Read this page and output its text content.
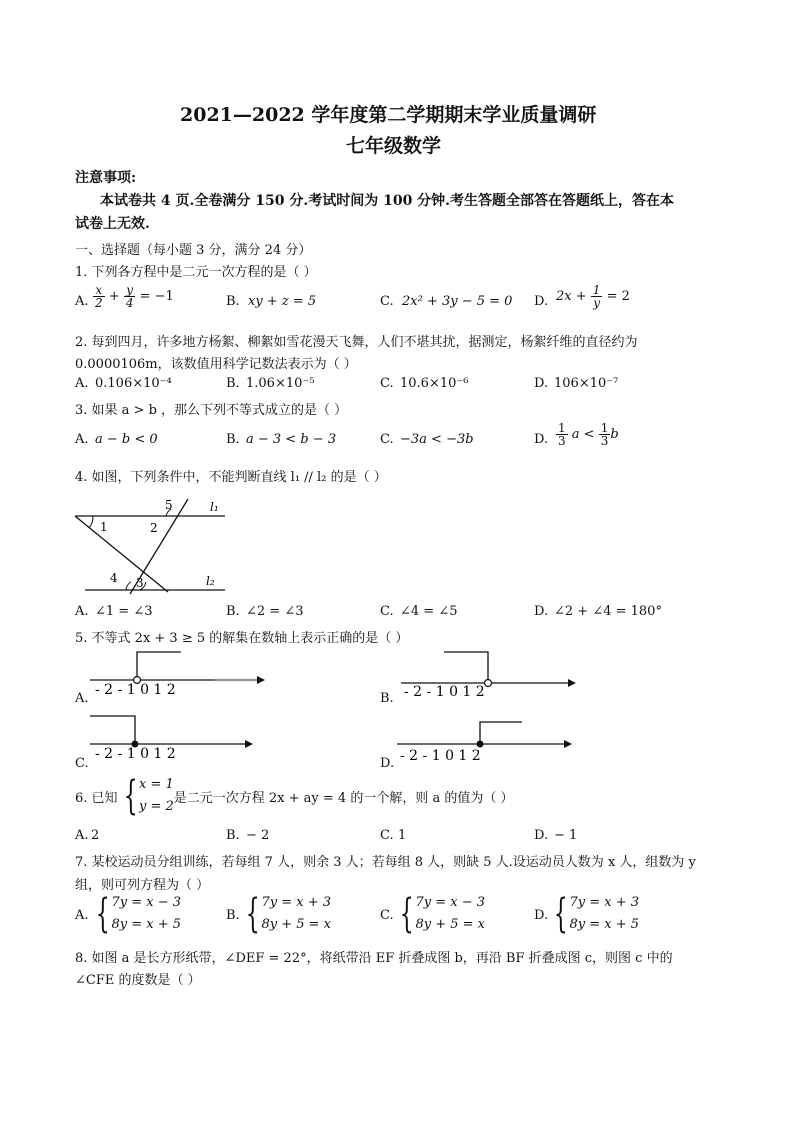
2021—2022 学年度第二学期期末学业质量调研
七年级数学
注意事项:
本试卷共 4 页.全卷满分 150 分.考试时间为 100 分钟.考生答题全部答在答题纸上，答在本
试卷上无效.
一、选择题（每小题 3 分，满分 24 分）
1. 下列各方程中是二元一次方程的是（ ）
A. $\frac{x}{2} + \frac{y}{4} = -1$	B. xy + z = 5	C. 2x² + 3y − 5 = 0 D. $2x + \frac{1}{y} = 2$
2. 每到四月，许多地方杨絮、柳絮如雪花漫天飞舞，人们不堪其扰，据测定，杨絮纤维的直径约为
0.0000106m，该数值用科学记数法表示为（ ）
A. 0.106×10⁻⁴	B. 1.06×10⁻⁵	C. 10.6×10⁻⁶	D. 106×10⁻⁷
3. 如果 a > b ，那么下列不等式成立的是（ ）
A. a − b < 0	B. a − 3 < b − 3	C. −3a < −3b	D. $\frac{1}{3}$ $a < \frac{1}{3}$ b
4. 如图，下列条件中，不能判断直线 l₁ // l₂ 的是（ ）
1	2
3
4
5	l₁
l₂
A. ∠1 = ∠3	B. ∠2 = ∠3	C. ∠4 = ∠5	D. ∠2 + ∠4 = 180°
5. 不等式 2x + 3 ≥ 5 的解集在数轴上表示正确的是（ ）
- 2 - 1 0 1 2
A.	- 2 - 1 0 1 2
B.
- 2 - 1 0 1 2
C.	- 2 - 1 0 1 2
D.
6. 已知 { x = 1
y = 2
是二元一次方程 2x + ay = 4 的一个解，则 a 的值为（ ）
A. 2	B. − 2	C. 1	D. − 1
7. 某校运动员分组训练，若每组 7 人，则余 3 人；若每组 8 人，则缺 5 人.设运动员人数为 x 人，组数为 y
组，则可列方程为（ ）
A. { 7y = x − 3
8y = x + 5
B. { 7y = x + 3
8y + 5 = x
C. { 7y = x − 3
8y + 5 = x
D. { 7y = x + 3
8y = x + 5
8. 如图 a 是长方形纸带，∠DEF = 22°，将纸带沿 EF 折叠成图 b，再沿 BF 折叠成图 c，则图 c 中的
∠CFE 的度数是（ ）
